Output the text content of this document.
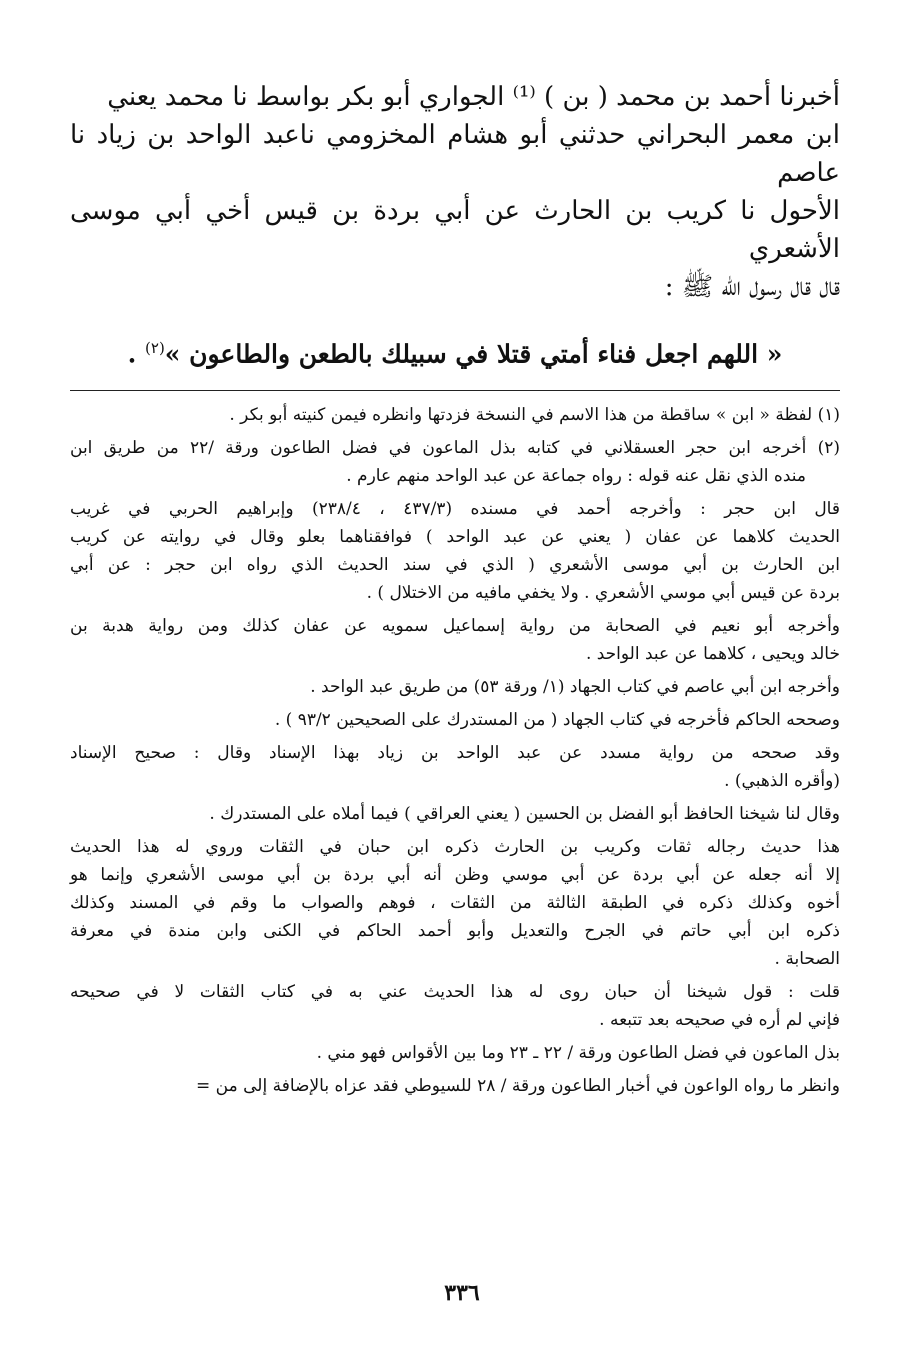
أخبرنا أحمد بن محمد ( بن ) ⁽¹⁾ الجواري أبو بكر بواسط نا محمد يعني
ابن معمر البحراني حدثني أبو هشام المخزومي ناعبد الواحد بن زياد نا عاصم
الأحول نا كريب بن الحارث عن أبي بردة بن قيس أخي أبي موسى الأشعري
قال قال رسول الله ﷺ :
« اللهم اجعل فناء أمتي قتلا في سبيلك بالطعن والطاعون »$^{(٢)}$ .
(١) لفظة « ابن » ساقطة من هذا الاسم في النسخة فزدتها وانظره فيمن كنيته أبو بكر .
(٢) أخرجه ابن حجر العسقلاني في كتابه بذل الماعون في فضل الطاعون ورقة /٢٢ من طريق ابن
منده الذي نقل عنه قوله : رواه جماعة عن عبد الواحد منهم عارم .
قال ابن حجر : وأخرجه أحمد في مسنده (٤٣٧/٣ ، ٢٣٨/٤) وإبراهيم الحربي في غريب
الحديث كلاهما عن عفان ( يعني عن عبد الواحد ) فوافقناهما بعلو وقال في روايته عن كريب
ابن الحارث بن أبي موسى الأشعري ( الذي في سند الحديث الذي رواه ابن حجر : عن أبي
بردة عن قيس أبي موسي الأشعري . ولا يخفي مافيه من الاختلال ) .
وأخرجه أبو نعيم في الصحابة من رواية إسماعيل سمويه عن عفان كذلك ومن رواية هدبة بن
خالد ويحيى ، كلاهما عن عبد الواحد .
وأخرجه ابن أبي عاصم في كتاب الجهاد (١/ ورقة ٥٣) من طريق عبد الواحد .
وصححه الحاكم فأخرجه في كتاب الجهاد ( من المستدرك على الصحيحين ٩٣/٢ ) .
وقد صححه من رواية مسدد عن عبد الواحد بن زياد بهذا الإسناد وقال : صحيح الإسناد
(وأقره الذهبي) .
وقال لنا شيخنا الحافظ أبو الفضل بن الحسين ( يعني العراقي ) فيما أملاه على المستدرك .
هذا حديث رجاله ثقات وكريب بن الحارث ذكره ابن حبان في الثقات وروي له هذا الحديث
إلا أنه جعله عن أبي بردة عن أبي موسي وظن أنه أبي بردة بن أبي موسى الأشعري وإنما هو
أخوه وكذلك ذكره في الطبقة الثالثة من الثقات ، فوهم والصواب ما وقم في المسند وكذلك
ذكره ابن أبي حاتم في الجرح والتعديل وأبو أحمد الحاكم في الكنى وابن مندة في معرفة
الصحابة .
قلت : قول شيخنا أن حبان روى له هذا الحديث عني به في كتاب الثقات لا في صحيحه
فإني لم أره في صحيحه بعد تتبعه .
بذل الماعون في فضل الطاعون ورقة / ٢٢ ـ ٢٣ وما بين الأقواس فهو مني .
وانظر ما رواه الواعون في أخبار الطاعون ورقة / ٢٨ للسيوطي فقد عزاه بالإضافة إلى من =
٣٣٦
